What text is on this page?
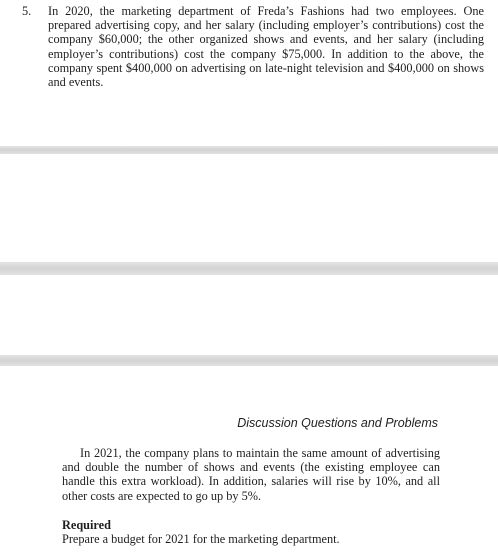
5. In 2020, the marketing department of Freda’s Fashions had two employees. One prepared advertising copy, and her salary (including employer’s contributions) cost the company $60,000; the other organized shows and events, and her salary (including employer’s contributions) cost the company $75,000. In addition to the above, the company spent $400,000 on advertising on late-night television and $400,000 on shows and events.
Discussion Questions and Problems

In 2021, the company plans to maintain the same amount of advertising and double the number of shows and events (the existing employee can handle this extra workload). In addition, salaries will rise by 10%, and all other costs are expected to go up by 5%.

Required
Prepare a budget for 2021 for the marketing department.
